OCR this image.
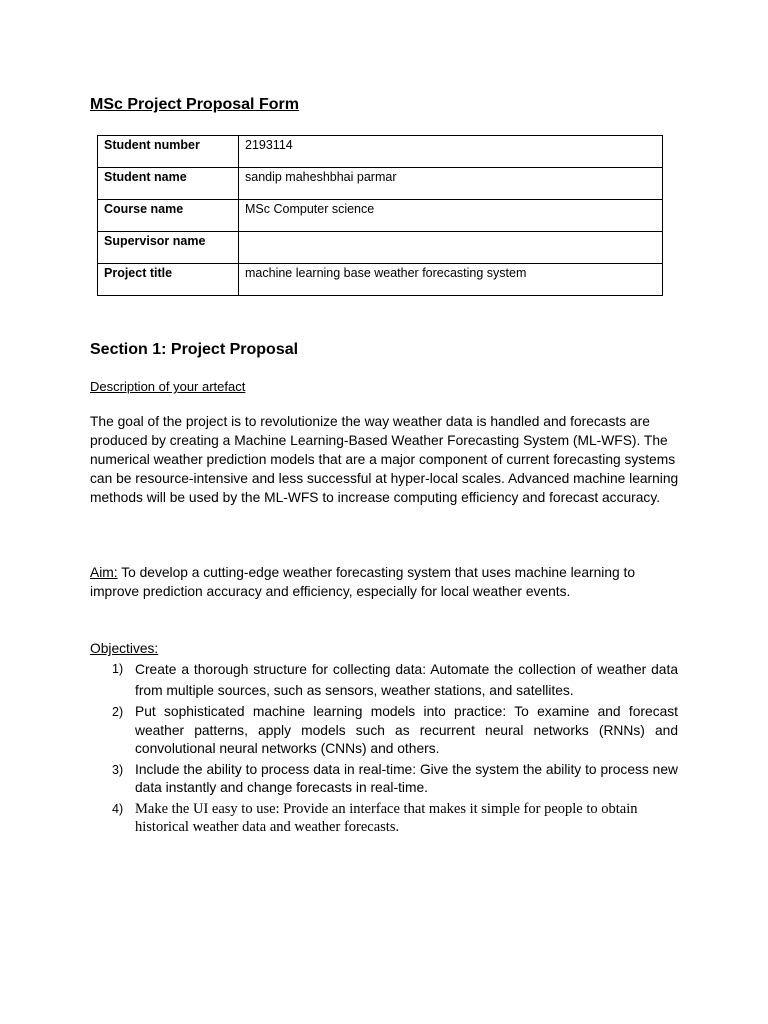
MSc Project Proposal Form
Student number	2193114
Student name	sandip maheshbhai parmar
Course name	MSc Computer science
Supervisor name	
Project title	machine learning base weather forecasting system
Section 1: Project Proposal
Description of your artefact
The goal of the project is to revolutionize the way weather data is handled and forecasts are produced by creating a Machine Learning-Based Weather Forecasting System (ML-WFS). The numerical weather prediction models that are a major component of current forecasting systems can be resource-intensive and less successful at hyper-local scales. Advanced machine learning methods will be used by the ML-WFS to increase computing efficiency and forecast accuracy.
Aim: To develop a cutting-edge weather forecasting system that uses machine learning to improve prediction accuracy and efficiency, especially for local weather events.
Objectives:
1) Create a thorough structure for collecting data: Automate the collection of weather data from multiple sources, such as sensors, weather stations, and satellites.
2) Put sophisticated machine learning models into practice: To examine and forecast weather patterns, apply models such as recurrent neural networks (RNNs) and convolutional neural networks (CNNs) and others.
3) Include the ability to process data in real-time: Give the system the ability to process new data instantly and change forecasts in real-time.
4) Make the UI easy to use: Provide an interface that makes it simple for people to obtain historical weather data and weather forecasts.
